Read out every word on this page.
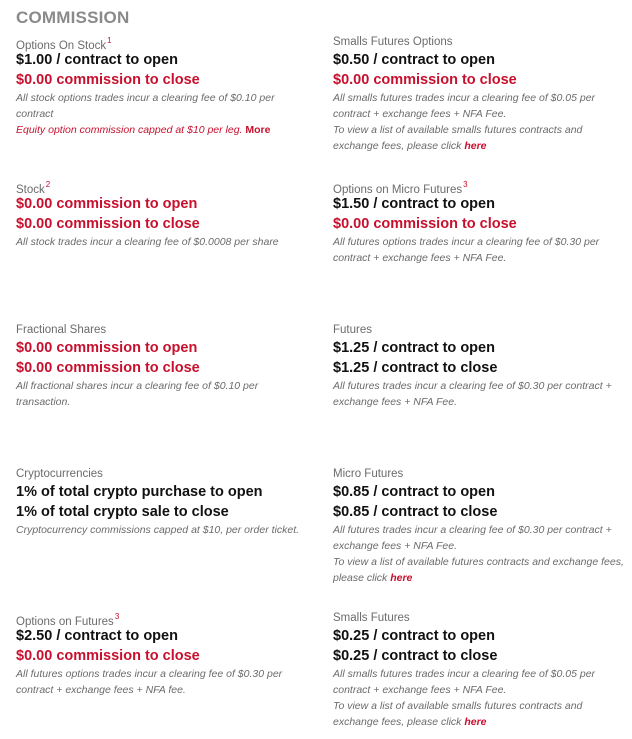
COMMISSION
Options On Stock$^1$
$1.00 / contract to open
$0.00 commission to close
All stock options trades incur a clearing fee of $0.10 per contract
Equity option commission capped at $10 per leg. More
Smalls Futures Options
$0.50 / contract to open
$0.00 commission to close
All smalls futures trades incur a clearing fee of $0.05 per contract + exchange fees + NFA Fee.
To view a list of available smalls futures contracts and exchange fees, please click here
Stock$^2$
$0.00 commission to open
$0.00 commission to close
All stock trades incur a clearing fee of $0.0008 per share
Options on Micro Futures$^3$
$1.50 / contract to open
$0.00 commission to close
All futures options trades incur a clearing fee of $0.30 per contract + exchange fees + NFA Fee.
Fractional Shares
$0.00 commission to open
$0.00 commission to close
All fractional shares incur a clearing fee of $0.10 per transaction.
Futures
$1.25 / contract to open
$1.25 / contract to close
All futures trades incur a clearing fee of $0.30 per contract + exchange fees + NFA Fee.
Cryptocurrencies
1% of total crypto purchase to open
1% of total crypto sale to close
Cryptocurrency commissions capped at $10, per order ticket.
Micro Futures
$0.85 / contract to open
$0.85 / contract to close
All futures trades incur a clearing fee of $0.30 per contract + exchange fees + NFA Fee.
To view a list of available futures contracts and exchange fees, please click here
Options on Futures$^3$
$2.50 / contract to open
$0.00 commission to close
All futures options trades incur a clearing fee of $0.30 per contract + exchange fees + NFA fee.
Smalls Futures
$0.25 / contract to open
$0.25 / contract to close
All smalls futures trades incur a clearing fee of $0.05 per contract + exchange fees + NFA Fee.
To view a list of available smalls futures contracts and exchange fees, please click here
